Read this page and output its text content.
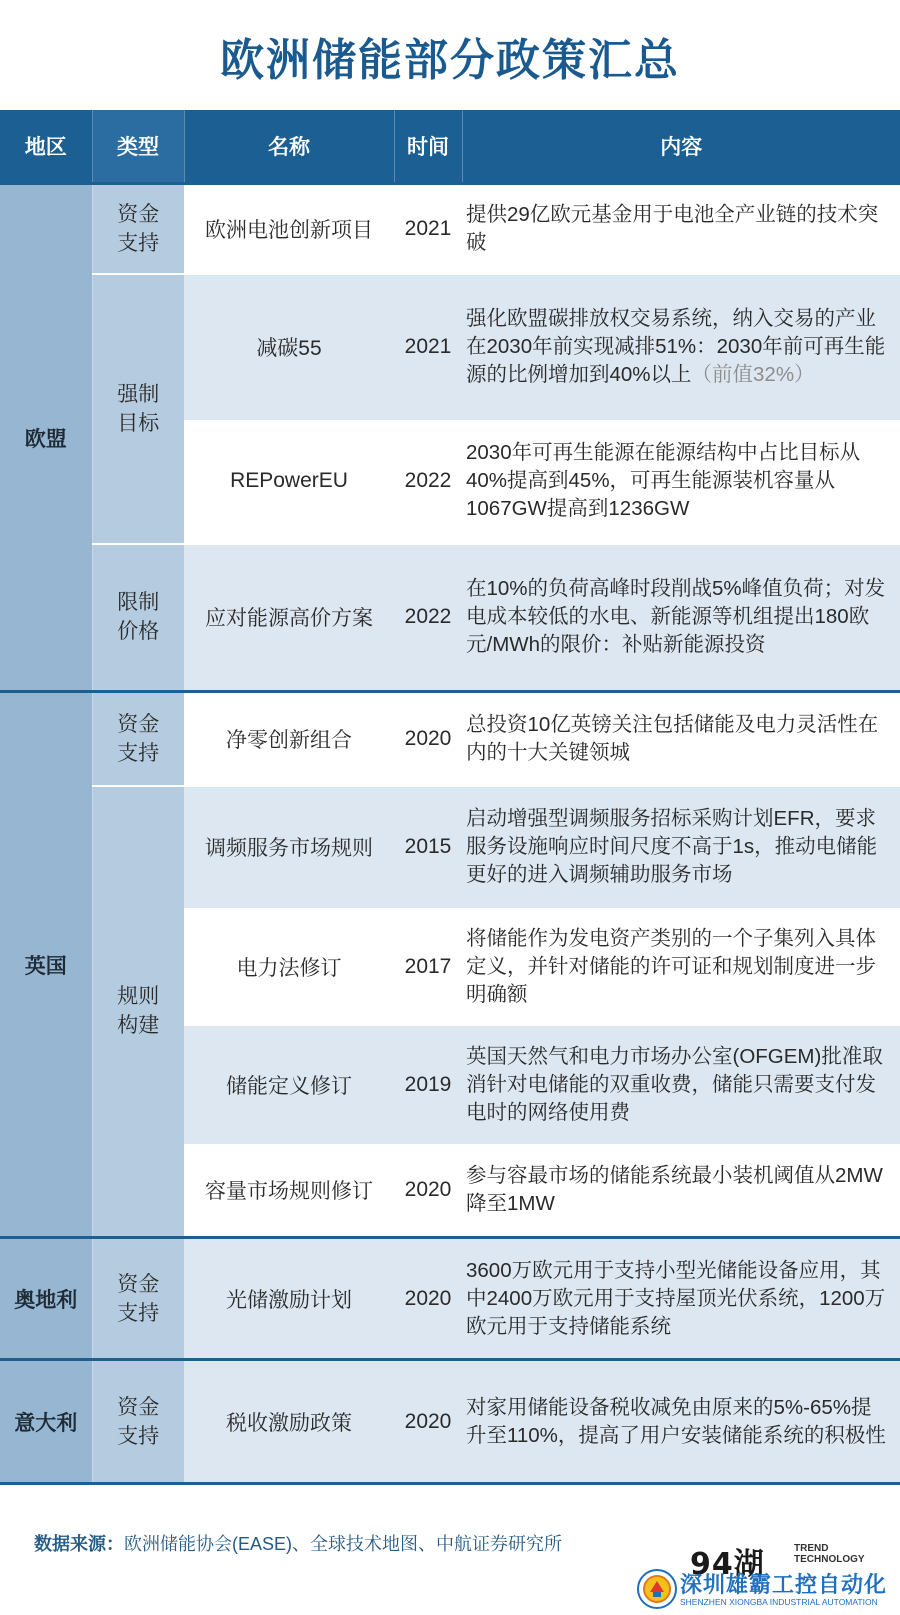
欧洲储能部分政策汇总
地区	类型	名称	时间	内容
欧盟	资金支持	欧洲电池创新项目	2021	提供29亿欧元基金用于电池全产业链的技术突破
	强制目标	减碳55	2021	强化欧盟碳排放权交易系统，纳入交易的产业在2030年前实现减排51%：2030年前可再生能源的比例增加到40%以上（前值32%）
		REPowerEU	2022	2030年可再生能源在能源结构中占比目标从40%提高到45%，可再生能源装机容量从1067GW提高到1236GW
	限制价格	应对能源高价方案	2022	在10%的负荷高峰时段削战5%峰值负荷；对发电成本较低的水电、新能源等机组提出180欧元/MWh的限价：补贴新能源投资
英国	资金支持	净零创新组合	2020	总投资10亿英镑关注包括储能及电力灵活性在内的十大关键领城
	规则构建	调频服务市场规则	2015	启动增强型调频服务招标采购计划EFR，要求服务设施响应时间尺度不高于1s，推动电储能更好的进入调频辅助服务市场
		电力法修订	2017	将储能作为发电资产类别的一个子集列入具体定义，并针对储能的许可证和规划制度进一步明确额
		储能定义修订	2019	英国天然气和电力市场办公室(OFGEM)批准取消针对电储能的双重收费，储能只需要支付发电时的网络使用费
		容量市场规则修订	2020	参与容最市场的储能系统最小装机阈值从2MW降至1MW
奥地利	资金支持	光储激励计划	2020	3600万欧元用于支持小型光储能设备应用，其中2400万欧元用于支持屋顶光伏系统，1200万欧元用于支持储能系统
意大利	资金支持	税收激励政策	2020	对家用储能设备税收减免由原来的5%-65%提升至110%，提高了用户安装储能系统的积极性
数据来源：欧洲储能协会(EASE)、全球技术地图、中航证券研究所
94湖	TREND
TECHNOLOGY
深圳雄霸工控自动化
SHENZHEN XIONGBA INDUSTRIAL AUTOMATION
